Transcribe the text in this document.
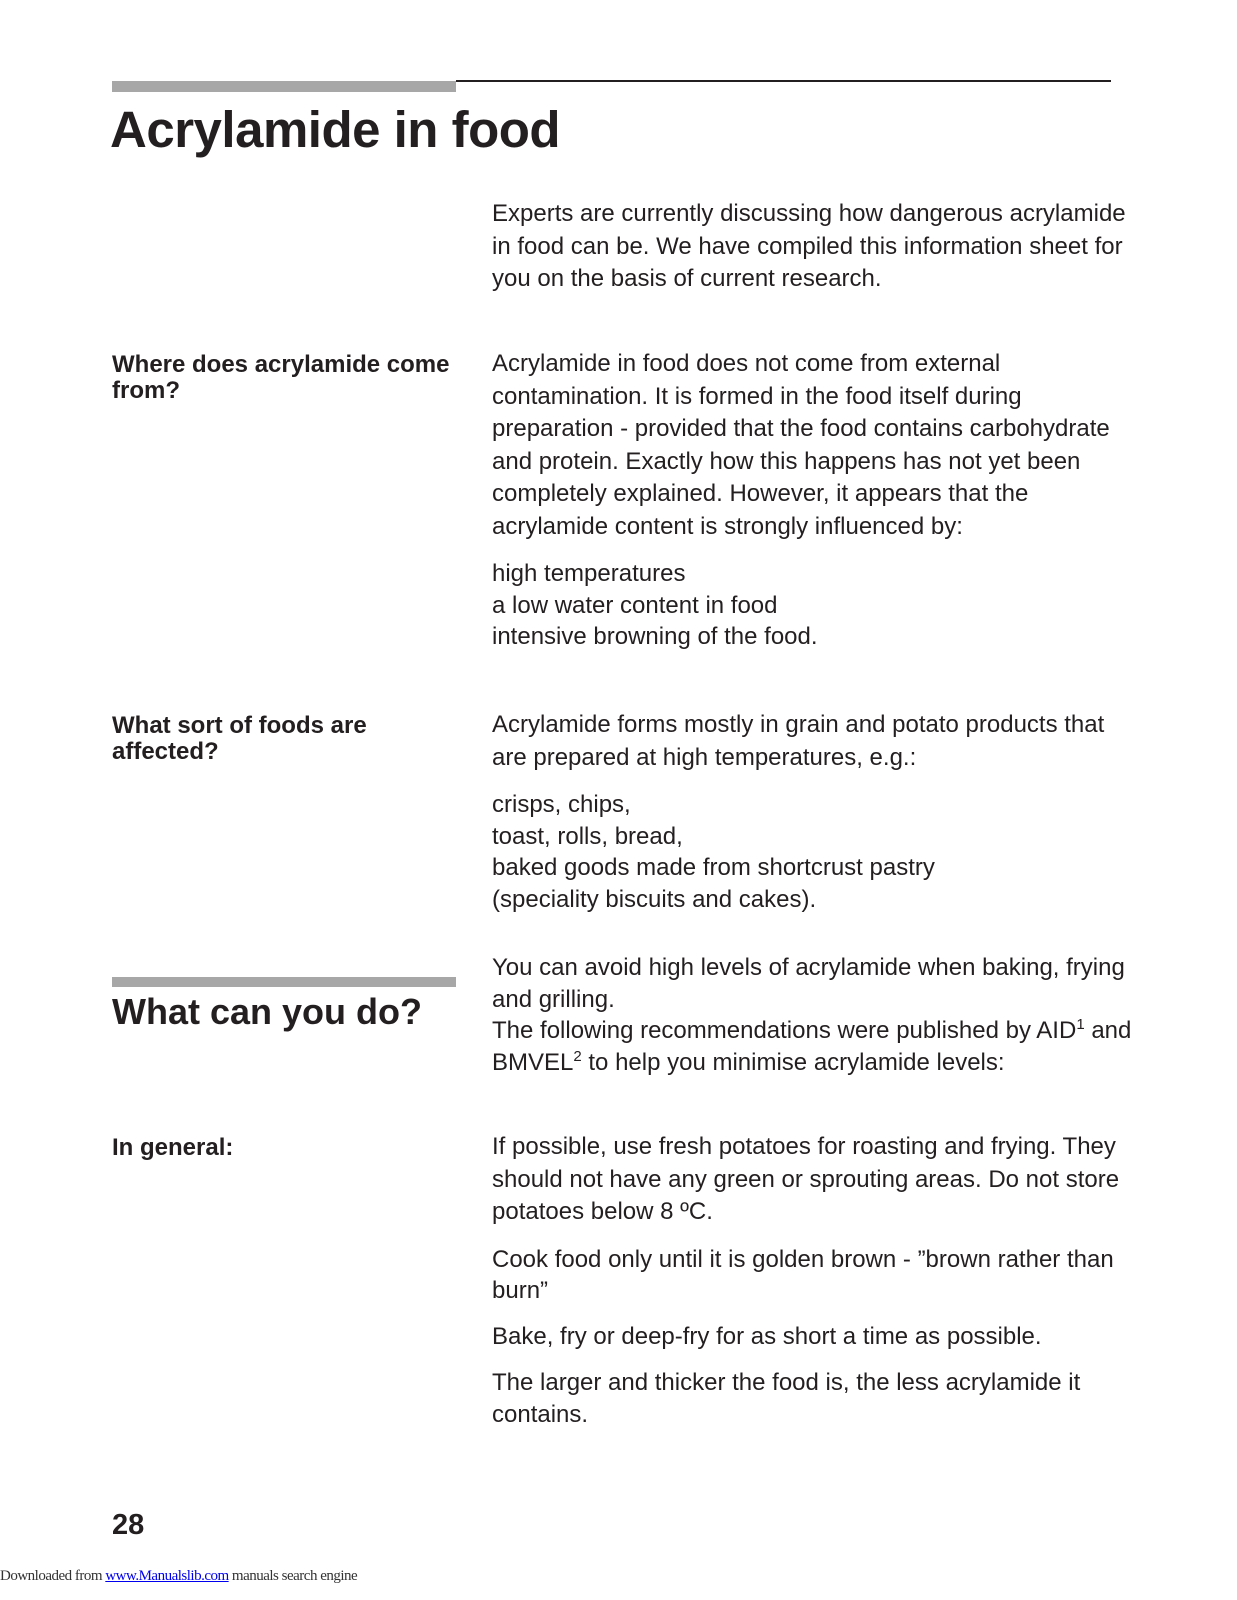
Acrylamide in food

Experts are currently discussing how dangerous acrylamide in food can be. We have compiled this information sheet for you on the basis of current research.

Where does acrylamide come from?

Acrylamide in food does not come from external contamination. It is formed in the food itself during preparation - provided that the food contains carbohydrate and protein. Exactly how this happens has not yet been completely explained. However, it appears that the acrylamide content is strongly influenced by:

high temperatures
a low water content in food
intensive browning of the food.
What sort of foods are affected?

Acrylamide forms mostly in grain and potato products that are prepared at high temperatures, e.g.:

crisps, chips,
toast, rolls, bread,
baked goods made from shortcrust pastry
(speciality biscuits and cakes).
What can you do?

You can avoid high levels of acrylamide when baking, frying and grilling.

The following recommendations were published by AID$^1$ and BMVEL$^2$ to help you minimise acrylamide levels:

In general:	If possible, use fresh potatoes for roasting and frying. They should not have any green or sprouting areas. Do not store potatoes below 8 ºC.

Cook food only until it is golden brown - ”brown rather than burn”

Bake, fry or deep-fry for as short a time as possible.

The larger and thicker the food is, the less acrylamide it contains.

28
Downloaded from www.Manualslib.com manuals search engine
